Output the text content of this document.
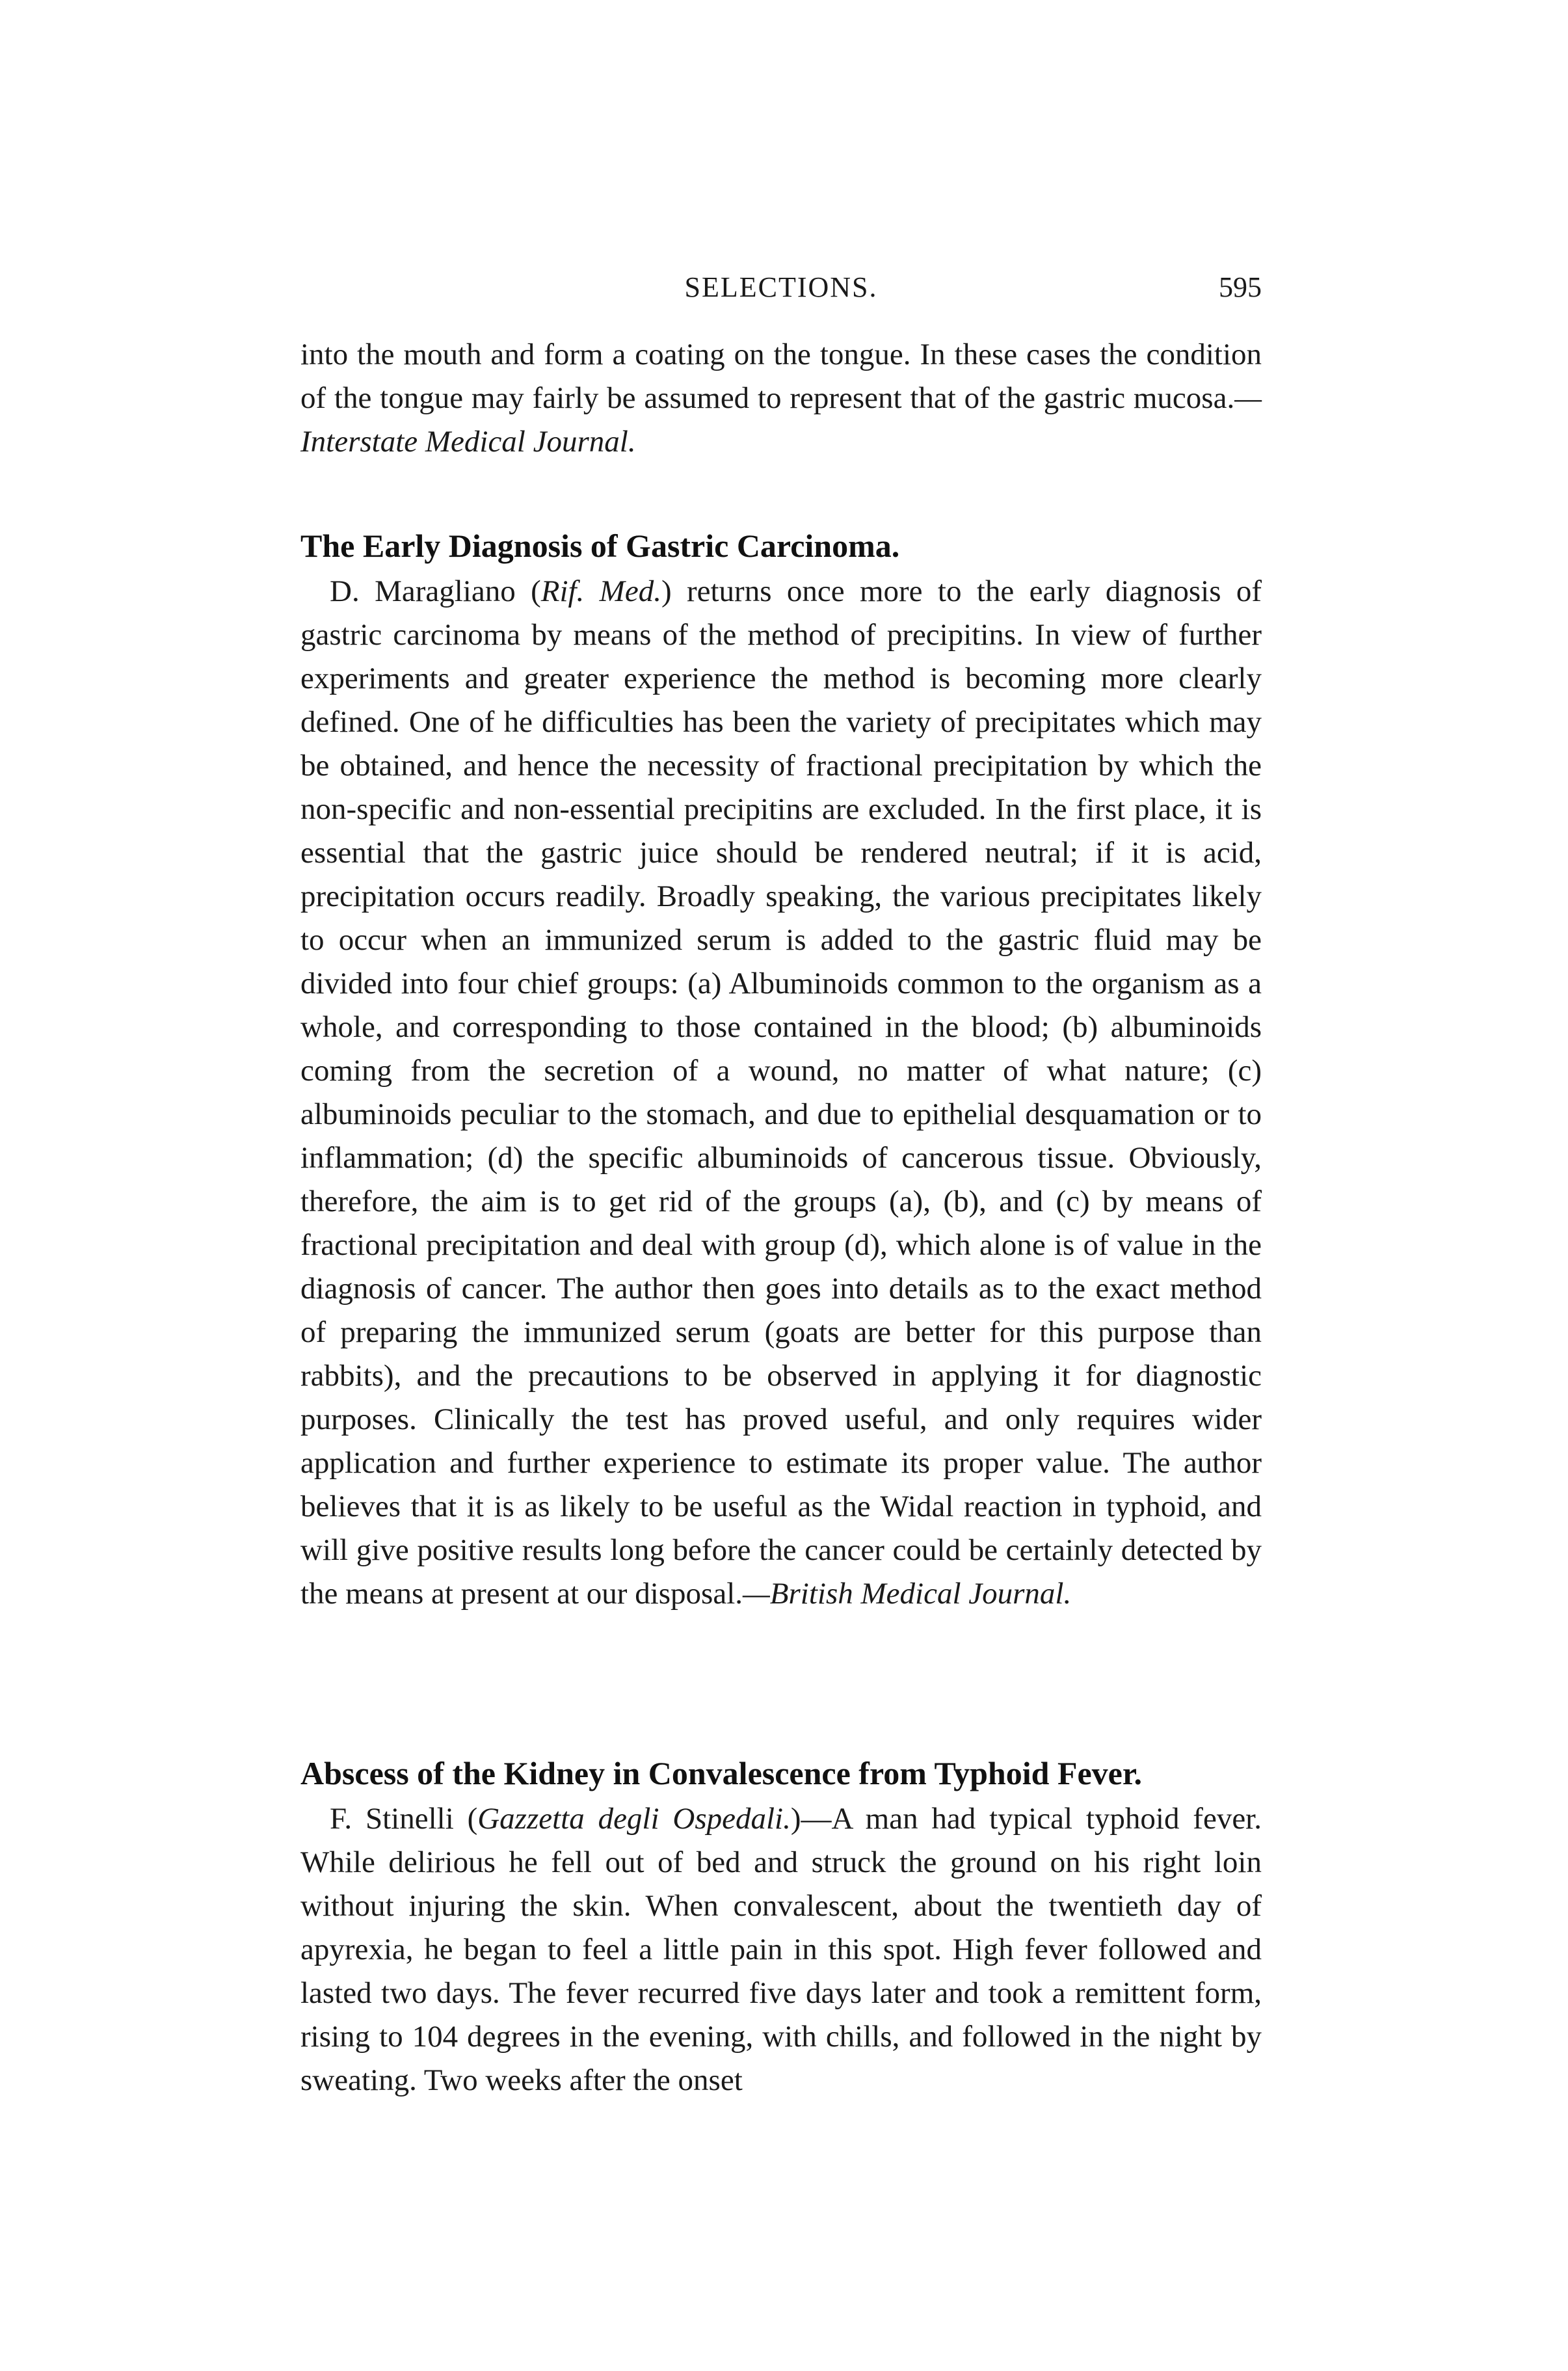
SELECTIONS.	595

into the mouth and form a coating on the tongue. In these cases the condition of the tongue may fairly be assumed to represent that of the gastric mucosa.—Interstate Medical Journal.

The Early Diagnosis of Gastric Carcinoma.

D. Maragliano (Rif. Med.) returns once more to the early diagnosis of gastric carcinoma by means of the method of precipitins. In view of further experiments and greater experience the method is becoming more clearly defined. One of he difficulties has been the variety of precipitates which may be obtained, and hence the necessity of fractional precipitation by which the non-specific and non-essential precipitins are excluded. In the first place, it is essential that the gastric juice should be rendered neutral; if it is acid, precipitation occurs readily. Broadly speaking, the various precipitates likely to occur when an immunized serum is added to the gastric fluid may be divided into four chief groups: (a) Albuminoids common to the organism as a whole, and corresponding to those contained in the blood; (b) albuminoids coming from the secretion of a wound, no matter of what nature; (c) albuminoids peculiar to the stomach, and due to epithelial desquamation or to inflammation; (d) the specific albuminoids of cancerous tissue. Obviously, therefore, the aim is to get rid of the groups (a), (b), and (c) by means of fractional precipitation and deal with group (d), which alone is of value in the diagnosis of cancer. The author then goes into details as to the exact method of preparing the immunized serum (goats are better for this purpose than rabbits), and the precautions to be observed in applying it for diagnostic purposes. Clinically the test has proved useful, and only requires wider application and further experience to estimate its proper value. The author believes that it is as likely to be useful as the Widal reaction in typhoid, and will give positive results long before the cancer could be certainly detected by the means at present at our disposal.—British Medical Journal.

Abscess of the Kidney in Convalescence from Typhoid Fever.

F. Stinelli (Gazzetta degli Ospedali.)—A man had typical typhoid fever. While delirious he fell out of bed and struck the ground on his right loin without injuring the skin. When convalescent, about the twentieth day of apyrexia, he began to feel a little pain in this spot. High fever followed and lasted two days. The fever recurred five days later and took a remittent form, rising to 104 degrees in the evening, with chills, and followed in the night by sweating. Two weeks after the onset
